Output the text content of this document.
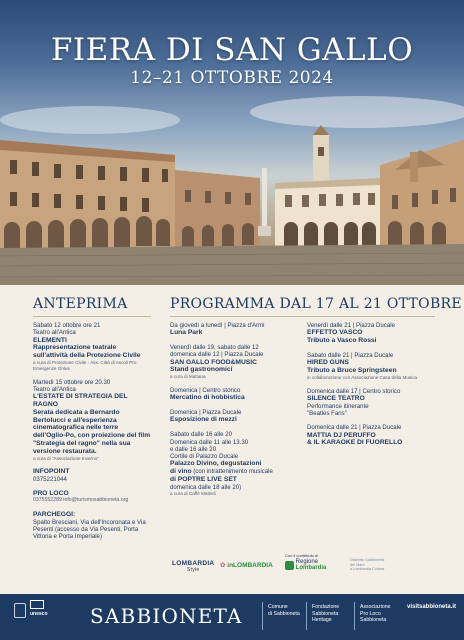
FIERA DI SAN GALLO
12–21 OTTOBRE 2024
ANTEPRIMA	PROGRAMMA DAL 17 AL 21 OTTOBRE
Sabato 12 ottobre ore 21
Teatro all'Antica
ELEMENTI
Rappresentazione teatrale sull'attività della Protezione Civile
a cura di Protezione Civile - Ass. Città di Ascoli Pro Emergenze Onlus
Martedì 15 ottobre ore 20.30
Teatro all'Antica
L'ESTATE DI STRATEGIA DEL RAGNO
Serata dedicata a Bernardo Bertolucci e all'esperienza cinematografica nelle terre dell'Oglio-Po, con proiezione del film "Strategia del ragno" nella sua versione restaurata.
a cura di "Associazione Inverno"
INFOPOINT
0375221044
PRO LOCO
0375552289 info@turismosabbioneta.org
PARCHEGGI:
Spalto Bresciani, Via dell'Incoronata e Via Pesenti (accesso da Via Pesenti, Porta Vittoria e Porta Imperiale)
Da giovedì a lunedì | Piazza d'Armi
Luna Park
Venerdì dalle 19, sabato dalle 12
domenica dalle 12 | Piazza Ducale
SAN GALLO FOOD&MUSIC
Stand gastronomici
a cura di Mattana
Domenica | Centro storico
Mercatino di hobbistica
Domenica | Piazza Ducale
Esposizione di mezzi
Sabato dalle 16 alle 20
Domenica dalle 11 alle 13.30
e dalle 16 alle 20
Cortile di Palazzo Ducale
Palazzo Divino, degustazioni
di vino (con intrattenimento musicale
di POPTRE LIVE SET
domenica dalle 18 alle 20)
a cura di Caffè Mattioli
Venerdì dalle 21 | Piazza Ducale
EFFETTO VASCO
Tributo a Vasco Rossi
Sabato dalle 21 | Piazza Ducale
HIRED GUNS
Tributo a Bruce Springsteen
in collaborazione con Associazione Casa della Musica
Domenica dalle 17 | Centro storico
SILENCE TEATRO
Performance itinerante
"Beatles Fans"
Domenica dalle 21 | Piazza Ducale
MATTIA DJ PERUFFO
& IL KARAOKE DI FUORELLO
LOMBARDIA
Style
✿ inLOMBARDIA
Con il contributo di

Regione
Lombardia
Distretto Sabbioneta
del Mare
a Lombardia Cultura
unesco SABBIONETA	Comune
di Sabbioneta
Fondazione
Sabbioneta
Heritage
Associazione
Pro Loco
Sabbioneta
visitsabbioneta.it
